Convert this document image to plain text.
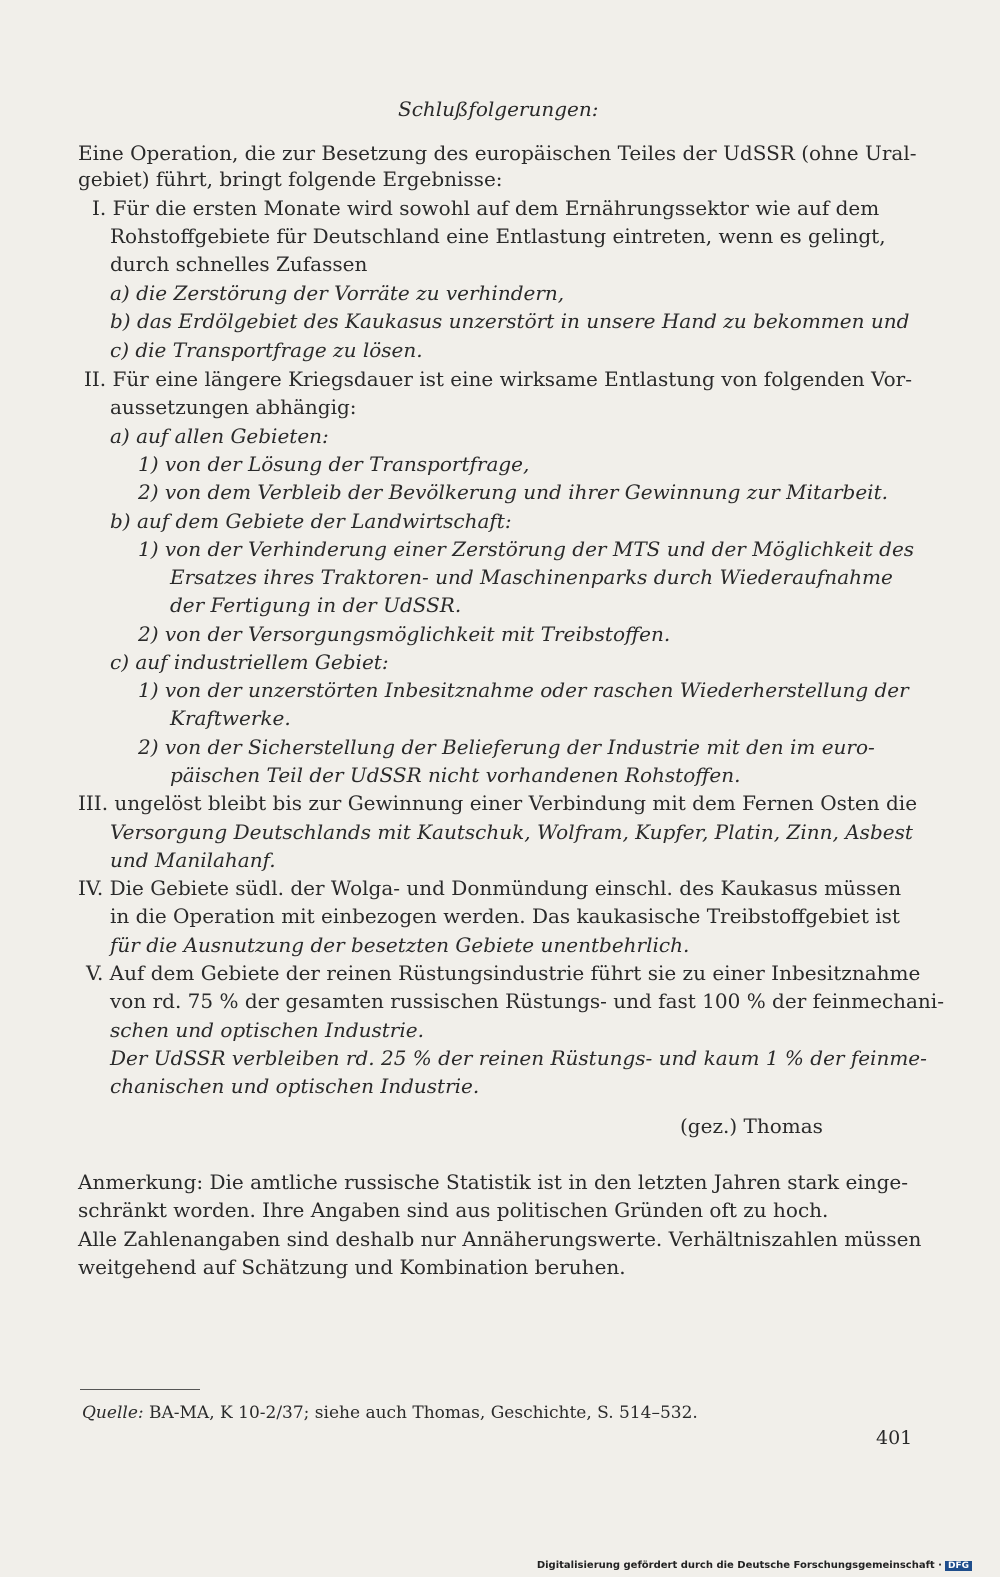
Schlußfolgerungen:
Eine Operation, die zur Besetzung des europäischen Teiles der UdSSR (ohne Ural-
gebiet) führt, bringt folgende Ergebnisse:
I. Für die ersten Monate wird sowohl auf dem Ernährungssektor wie auf dem
Rohstoffgebiete für Deutschland eine Entlastung eintreten, wenn es gelingt,
durch schnelles Zufassen
a) die Zerstörung der Vorräte zu verhindern,
b) das Erdölgebiet des Kaukasus unzerstört in unsere Hand zu bekommen und
c) die Transportfrage zu lösen.
II. Für eine längere Kriegsdauer ist eine wirksame Entlastung von folgenden Vor-
aussetzungen abhängig:
a) auf allen Gebieten:
1) von der Lösung der Transportfrage,
2) von dem Verbleib der Bevölkerung und ihrer Gewinnung zur Mitarbeit.
b) auf dem Gebiete der Landwirtschaft:
1) von der Verhinderung einer Zerstörung der MTS und der Möglichkeit des
Ersatzes ihres Traktoren- und Maschinenparks durch Wiederaufnahme
der Fertigung in der UdSSR.
2) von der Versorgungsmöglichkeit mit Treibstoffen.
c) auf industriellem Gebiet:
1) von der unzerstörten Inbesitznahme oder raschen Wiederherstellung der
Kraftwerke.
2) von der Sicherstellung der Belieferung der Industrie mit den im euro-
päischen Teil der UdSSR nicht vorhandenen Rohstoffen.
III. ungelöst bleibt bis zur Gewinnung einer Verbindung mit dem Fernen Osten die
Versorgung Deutschlands mit Kautschuk, Wolfram, Kupfer, Platin, Zinn, Asbest
und Manilahanf.
IV. Die Gebiete südl. der Wolga- und Donmündung einschl. des Kaukasus müssen
in die Operation mit einbezogen werden. Das kaukasische Treibstoffgebiet ist
für die Ausnutzung der besetzten Gebiete unentbehrlich.
V. Auf dem Gebiete der reinen Rüstungsindustrie führt sie zu einer Inbesitznahme
von rd. 75 % der gesamten russischen Rüstungs- und fast 100 % der feinmechani-
schen und optischen Industrie.
Der UdSSR verbleiben rd. 25 % der reinen Rüstungs- und kaum 1 % der feinme-
chanischen und optischen Industrie.
(gez.) Thomas
Anmerkung: Die amtliche russische Statistik ist in den letzten Jahren stark einge-
schränkt worden. Ihre Angaben sind aus politischen Gründen oft zu hoch.
Alle Zahlenangaben sind deshalb nur Annäherungswerte. Verhältniszahlen müssen
weitgehend auf Schätzung und Kombination beruhen.
Quelle: BA-MA, K 10-2/37; siehe auch Thomas, Geschichte, S. 514–532.
401
Digitalisierung gefördert durch die Deutsche Forschungsgemeinschaft · DFG
